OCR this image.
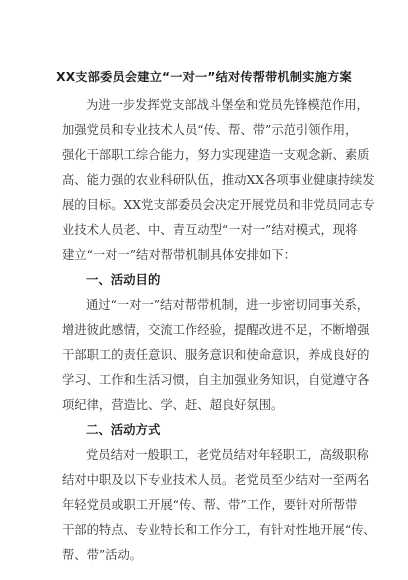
XX支部委员会建立“一对一”结对传帮带机制实施方案
为进一步发挥党支部战斗堡垒和党员先锋模范作用，
加强党员和专业技术人员“传、帮、带”示范引领作用，
强化干部职工综合能力，努力实现建造一支观念新、素质
高、能力强的农业科研队伍，推动XX各项事业健康持续发
展的目标。XX党支部委员会决定开展党员和非党员同志专
业技术人员老、中、青互动型“一对一”结对模式，现将
建立“一对一”结对帮带机制具体安排如下：
一、活动目的
通过“一对一”结对帮带机制，进一步密切同事关系，
增进彼此感情，交流工作经验，提醒改进不足，不断增强
干部职工的责任意识、服务意识和使命意识，养成良好的
学习、工作和生活习惯，自主加强业务知识，自觉遵守各
项纪律，营造比、学、赶、超良好氛围。
二、活动方式
党员结对一般职工，老党员结对年轻职工，高级职称
结对中职及以下专业技术人员。老党员至少结对一至两名
年轻党员或职工开展“传、帮、带”工作，要针对所帮带
干部的特点、专业特长和工作分工，有针对性地开展“传、
帮、带”活动。
